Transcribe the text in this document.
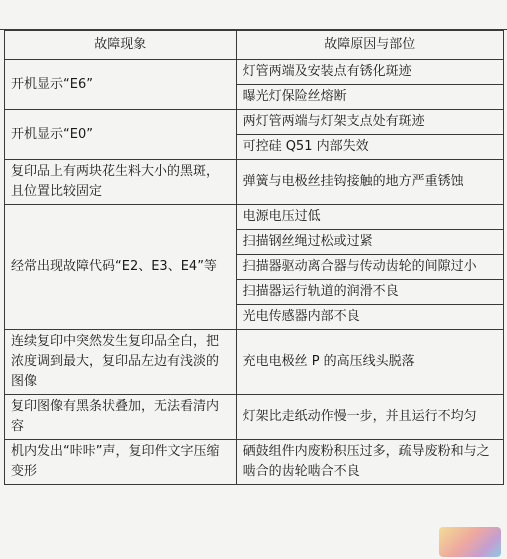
故障现象	故障原因与部位
开机显示“E6”	灯管两端及安装点有锈化斑迹
	曝光灯保险丝熔断
开机显示“E0”	两灯管两端与灯架支点处有斑迹
	可控硅 Q51 内部失效
复印品上有两块花生料大小的黑斑，且位置比较固定	弹簧与电极丝挂钩接触的地方严重锈蚀
经常出现故障代码“E2、E3、E4”等	电源电压过低
	扫描钢丝绳过松或过紧
	扫描器驱动离合器与传动齿轮的间隙过小
	扫描器运行轨道的润滑不良
	光电传感器内部不良
连续复印中突然发生复印品全白，把浓度调到最大，复印品左边有浅淡的图像	充电电极丝 P 的高压线头脱落
复印图像有黑条状叠加，无法看清内容	灯架比走纸动作慢一步，并且运行不均匀
机内发出“咔咔”声，复印件文字压缩变形	硒鼓组件内废粉积压过多，疏导废粉和与之啮合的齿轮啮合不良
